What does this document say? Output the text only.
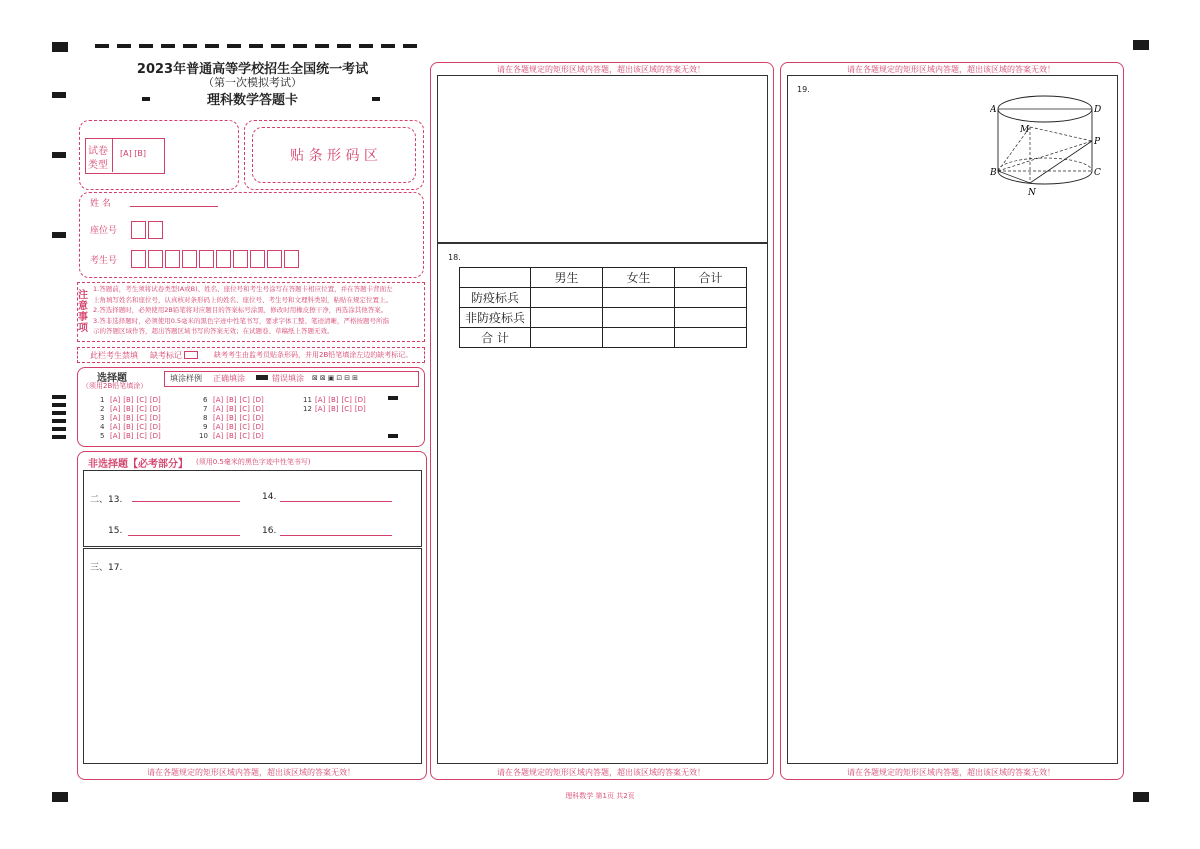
2023年普通高等学校招生全国统一考试
（第一次模拟考试）
理科数学答题卡
试卷
类型
[A] [B]	贴 条 形 码 区
姓 名
座位号
考生号
注意事项
1.答题前，考生须将试卷类型(A或B)、姓名、座位号和考生号涂写在答题卡相应位置，并在答题卡背面左
上角填写姓名和座位号，认真核对条形码上的姓名、座位号、考生号和文理科类别，粘贴在规定位置上。
2.答选择题时，必须使用2B铅笔将对应题目的答案标号涂黑，修改时用橡皮擦干净，再选涂其他答案。
3.答非选择题时，必须使用0.5毫米的黑色字迹中性笔书写，要求字体工整、笔迹清晰，严格按题号所指
示的答题区域作答，超出答题区域书写的答案无效；在试题卷、草稿纸上答题无效。
此栏考生禁填 缺考标记	缺考考生由监考员贴条形码，并用2B铅笔填涂左边的缺考标记。
选择题
（须用2B铅笔填涂）
填涂样例 正确填涂	错误填涂 ⊠⊠▣⊡⊟⊞
1 [A] [B] [C] [D]
2 [A] [B] [C] [D]
3 [A] [B] [C] [D]
4 [A] [B] [C] [D]
5 [A] [B] [C] [D]
6 [A] [B] [C] [D]
7 [A] [B] [C] [D]
8 [A] [B] [C] [D]
9 [A] [B] [C] [D]
10 [A] [B] [C] [D]
11 [A] [B] [C] [D]
12 [A] [B] [C] [D]
非选择题【必考部分】 (须用0.5毫米的黑色字迹中性笔书写)
二、13.	14.
15.	16.
三、17.
请在各题规定的矩形区域内答题，超出该区域的答案无效！
请在各题规定的矩形区域内答题，超出该区域的答案无效！
18.
	男生	女生	合计
防疫标兵			
非防疫标兵			
合 计			
请在各题规定的矩形区域内答题，超出该区域的答案无效！
请在各题规定的矩形区域内答题，超出该区域的答案无效！
19.
A	D
M
P
B	C
N
请在各题规定的矩形区域内答题，超出该区域的答案无效！
理科数学 第1页 共2页
